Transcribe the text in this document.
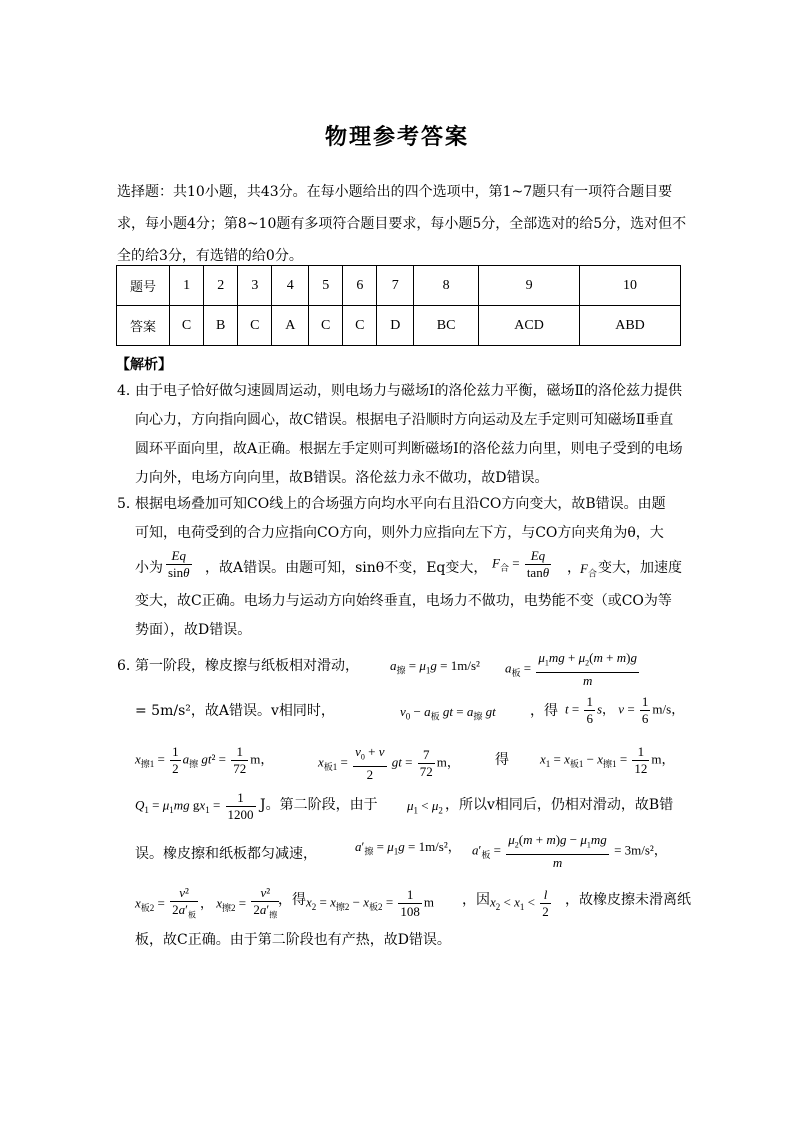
物理参考答案
选择题：共10小题，共43分。在每小题给出的四个选项中，第1~7题只有一项符合题目要求，每小题4分；第8~10题有多项符合题目要求，每小题5分，全部选对的给5分，选对但不全的给3分，有选错的给0分。
题号	1	2	3	4	5	6	7	8	9	10
答案	C	B	C	A	C	C	D	BC	ACD	ABD
【解析】
4．
由于电子恰好做匀速圆周运动，则电场力与磁场Ⅰ的洛伦兹力平衡，磁场Ⅱ的洛伦兹力提供向心力，方向指向圆心，故C错误。根据电子沿顺时方向运动及左手定则可知磁场Ⅱ垂直圆环平面向里，故A正确。根据左手定则可判断磁场Ⅰ的洛伦兹力向里，则电子受到的电场力向外，电场方向向里，故B错误。洛伦兹力永不做功，故D错误。
5．
根据电场叠加可知CO线上的合场强方向均水平向右且沿CO方向变大，故B错误。由题
可知，电荷受到的合力应指向CO方向，则外力应指向左下方，与CO方向夹角为θ，大
小为 $\frac{Eq}{\sin\theta}$ ，故A错误。由题可知，sinθ不变，Eq变大， $F_合 = \frac{Eq}{\tan\theta}$ ， $F_合$ 变大，加速度
变大，故C正确。电场力与运动方向始终垂直，电场力不做功，电势能不变（或CO为等
势面），故D错误。
6．
第一阶段，橡皮擦与纸板相对滑动， $a_擦 = \mu_1g = 1m/s^2$ $a_板 = \frac{\mu_1mg + \mu_2(m + m)g}{m}$
= 5m/s²，故A错误。v相同时，	$v_0 - a_板$ gt = $a_擦$ gt ，得 $t = \frac{1}{6}$ s， $v = \frac{1}{6} m/s$，
$x_{擦1} = \frac{1}{2} a_擦$ $gt^2 = \frac{1}{72}$ m，	$x_{板1} = \frac{v_0 + v}{2}$ gt = $\frac{7}{72}$ m，	得 $x_1 = x_{板1} - x_{擦1} = \frac{1}{12}$ m，
$Q_1 = \mu_1mg$ $gx_1 = \frac{1}{1200}$ J。第二阶段，由于 $\mu_1 < \mu_2$ ，所以v相同后，仍相对滑动，故B错
误。橡皮擦和纸板都匀减速，	$a'_擦 = \mu_1g = 1m/s^2$， $a'_板 = \frac{\mu_2(m + m)g - \mu_1mg}{m} = 3m/s^2$，
$x_{板2} = \frac{\text{v²}}{2a'_板}$ ， $x_{擦2} = \frac{\text{v²}}{2a'_擦}$
，得 $x_2 = x_{擦2} - x_{板2} = \frac{1}{108}$ m ，因 $x_2 < x_1 < \frac{l}{2}$ ，故橡皮擦未滑离纸
板，故C正确。由于第二阶段也有产热，故D错误。
